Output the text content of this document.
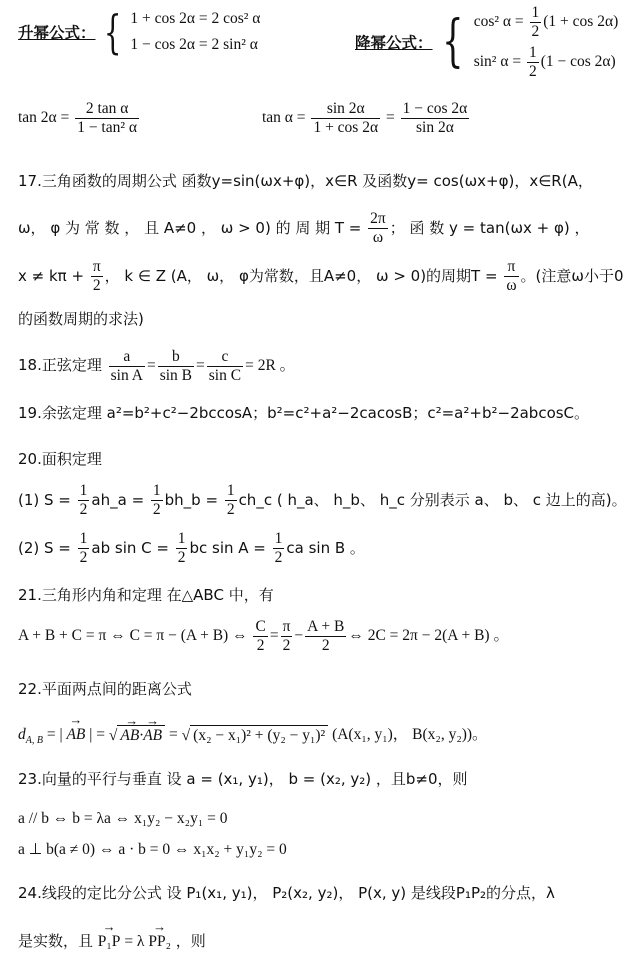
升幂公式： { 1 + cos 2α = 2 cos² α
1 − cos 2α = 2 sin² α	降幂公式： { cos² $\alpha = \frac{1}{2} (1 + \cos 2\alpha)$
sin² $\alpha = \frac{1}{2} (1 - \cos 2\alpha)$
$\tan 2\alpha = \frac{\text{2 tan α}}{\text{1 − tan² α}}$	$\tan \alpha = \frac{\sin 2\alpha}{1 + \cos 2\alpha} = \frac{1 - \cos 2\alpha}{\sin 2\alpha}$
17.三角函数的周期公式 函数y=sin(ωx+φ)，x∈R 及函数y= cos(ωx+φ)，x∈R(A，
ω， φ 为 常 数 ， 且 A≠0 ， ω > 0) 的 周 期 $T = \frac{2\pi}{\omega}$ ； 函 数 y = tan(ωx + φ) ，
$x \ne k\pi + \frac{\pi}{2}$ ， k ∈ Z (A， ω， φ为常数，且A≠0， ω > 0)的周期$T = \frac{\pi}{\omega}$ 。(注意ω小于0
的函数周期的求法)
18.正弦定理 $\frac{a}{\text{sin A}} = \frac{b}{\text{sin B}} = \frac{c}{\text{sin C}} = 2R$ 。
19.余弦定理 a²=b²+c²−2bccosA；b²=c²+a²−2cacosB；c²=a²+b²−2abcosC。
20.面积定理
(1) $S = \frac{1}{2}$ ah_a = $\frac{1}{2}$ bh_b = $\frac{1}{2}$ ch_c ( h_a、 h_b、 h_c 分别表示 a、 b、 c 边上的高)。
(2) $S = \frac{1}{2}$ ab $\sin C = \frac{1}{2}$ bc $\sin A = \frac{1}{2}$ ca sin B 。
21.三角形内角和定理 在△ABC 中，有
A + B + C = π ⇔ C = π − (A + B) ⇔ $\frac{C}{2} = \frac{\pi}{2} - \frac{A + B}{2}$ ⇔ 2C = 2π − 2(A + B) 。
22.平面两点间的距离公式
$d_{A, B}$ = | → AB | = √→ AB·→ AB = √ (x₂ − x₁)² + (y₂ − y₁)² (A(x₁, y₁)， B(x₂, y₂))。
23.向量的平行与垂直 设 a = (x₁, y₁)， b = (x₂, y₂) ，且b≠0，则
a // b ⇔ b = λa ⇔ x₁y₂ − x₂y₁ = 0
a ⊥ b(a ≠ 0) ⇔ a · b = 0 ⇔ x₁x₂ + y₁y₂ = 0
24.线段的定比分公式 设 P₁(x₁, y₁)， P₂(x₂, y₂)， P(x, y) 是线段P₁P₂的分点，λ
是实数，且 → P₁P = λ → PP₂ ，则
